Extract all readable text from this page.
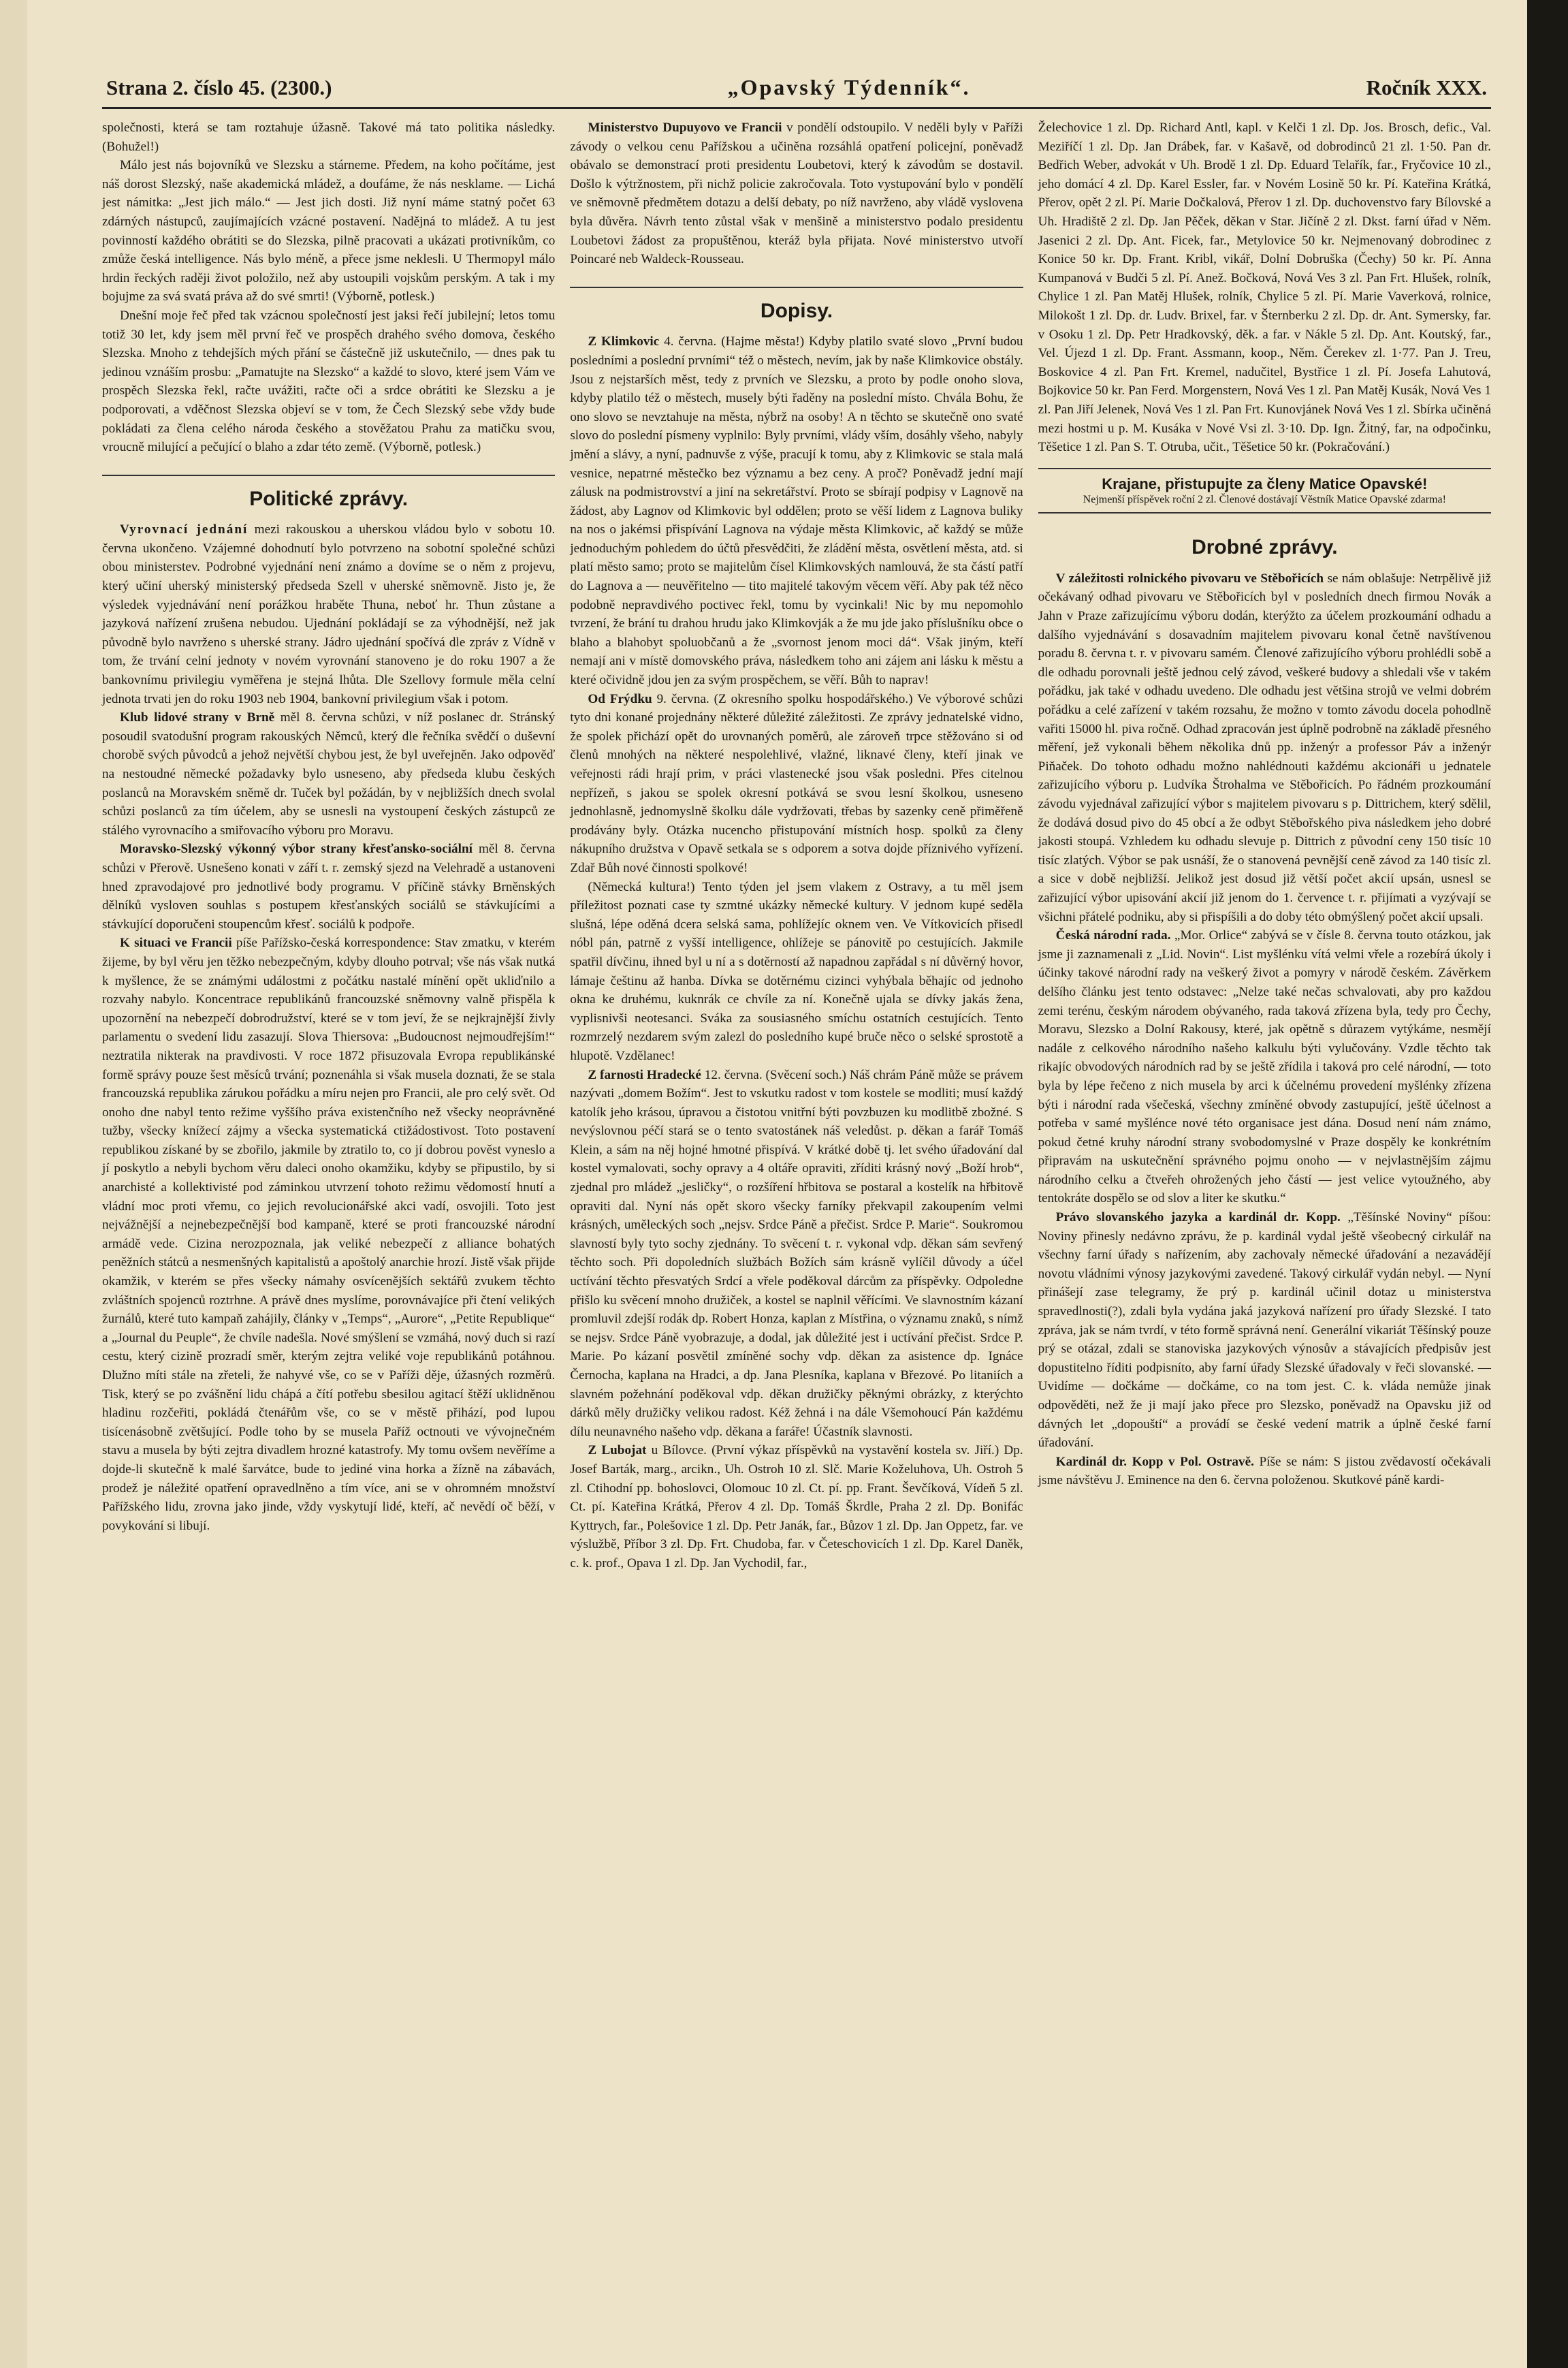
Strana 2. číslo 45. (2300.)	„Opavský Týdenník“.	Ročník XXX.

společnosti, která se tam roztahuje úžasně. Takové má tato politika následky. (Bohužel!)

Málo jest nás bojovníků ve Slezsku a stárneme. Předem, na koho počítáme, jest náš dorost Slezský, naše akademická mládež, a doufáme, že nás nesklame. — Lichá jest námitka: „Jest jich málo.“ — Jest jich dosti. Již nyní máme statný počet 63 zdárných nástupců, zaujímajících vzácné postavení. Nadějná to mládež. A tu jest povinností každého obrátiti se do Slezska, pilně pracovati a ukázati protivníkům, co zmůže česká intelligence. Nás bylo méně, a přece jsme neklesli. U Thermopyl málo hrdin řeckých raději život položilo, než aby ustoupili vojskům perským. A tak i my bojujme za svá svatá práva až do své smrti! (Výborně, potlesk.)

Dnešní moje řeč před tak vzácnou společností jest jaksi řečí jubilejní; letos tomu totiž 30 let, kdy jsem měl první řeč ve prospěch drahého svého domova, českého Slezska. Mnoho z tehdejších mých přání se částečně již uskutečnilo, — dnes pak tu jedinou vznáším prosbu: „Pamatujte na Slezsko“ a každé to slovo, které jsem Vám ve prospěch Slezska řekl, račte uvážiti, račte oči a srdce obrátiti ke Slezsku a je podporovati, a vděčnost Slezska objeví se v tom, že Čech Slezský sebe vždy bude pokládati za člena celého národa českého a stověžatou Prahu za matičku svou, vroucně milující a pečující o blaho a zdar této země. (Výborně, potlesk.)

Politické zprávy.

Vyrovnací jednání mezi rakouskou a uherskou vládou bylo v sobotu 10. června ukončeno. Vzájemné dohodnutí bylo potvrzeno na sobotní společné schůzi obou ministerstev. Podrobné vyjednání není známo a dovíme se o něm z projevu, který učiní uherský ministerský předseda Szell v uherské sněmovně. Jisto je, že výsledek vyjednávání není porážkou hraběte Thuna, neboť hr. Thun zůstane a jazyková nařízení zrušena nebudou. Ujednání pokládají se za výhodnější, než jak původně bylo navrženo s uherské strany. Jádro ujednání spočívá dle zpráv z Vídně v tom, že trvání celní jednoty v novém vyrovnání stanoveno je do roku 1907 a že bankovnímu privilegiu vyměřena je stejná lhůta. Dle Szellovy formule měla celní jednota trvati jen do roku 1903 neb 1904, bankovní privilegium však i potom.

Klub lidové strany v Brně měl 8. června schůzi, v níž poslanec dr. Stránský posoudil svatodušní program rakouských Němců, který dle řečníka svědčí o duševní chorobě svých původců a jehož největší chybou jest, že byl uveřejněn. Jako odpověď na nestoudné německé požadavky bylo usneseno, aby předseda klubu českých poslanců na Moravském sněmě dr. Tuček byl požádán, by v nejbližších dnech svolal schůzi poslanců za tím účelem, aby se usnesli na vystoupení českých zástupců ze stálého vyrovnacího a smiřovacího výboru pro Moravu.

Moravsko-Slezský výkonný výbor strany křesťansko-sociální měl 8. června schůzi v Přerově. Usnešeno konati v září t. r. zemský sjezd na Velehradě a ustanoveni hned zpravodajové pro jednotlivé body programu. V příčině stávky Brněnských dělníků vysloven souhlas s postupem křesťanských sociálů se stávkujícími a stávkující doporučeni stoupencům křesť. sociálů k podpoře.

K situaci ve Francii píše Pařížsko-česká korrespondence: Stav zmatku, v kterém žijeme, by byl věru jen těžko nebezpečným, kdyby dlouho potrval; vše nás však nutká k myšlence, že se známými událostmi z počátku nastalé mínění opět ukliďnilo a rozvahy nabylo. Koncentrace republikánů francouzské sněmovny valně přispěla k upozornění na nebezpečí dobrodružství, které se v tom jeví, že se nejkrajnější živly parlamentu o svedení lidu zasazují. Slova Thiersova: „Budoucnost nejmoudřejším!“ neztratila nikterak na pravdivosti. V roce 1872 přisuzovala Evropa republikánské formě správy pouze šest měsíců trvání; poznenáhla si však musela doznati, že se stala francouzská republika zárukou pořádku a míru nejen pro Francii, ale pro celý svět. Od onoho dne nabyl tento režime vyššího práva existenčního než všecky neoprávněné tužby, všecky knížecí zájmy a všecka systematická ctižádostivost. Toto postavení republikou získané by se zbořilo, jakmile by ztratilo to, co jí dobrou pověst vyneslo a jí poskytlo a nebyli bychom věru daleci onoho okamžiku, kdyby se připustilo, by si anarchisté a kollektivisté pod záminkou utvrzení tohoto režimu vědomostí hnutí a vládní moc proti vřemu, co jejich revolucionářské akci vadí, osvojili. Toto jest nejvážnější a nejnebezpečnější bod kampaně, které se proti francouzské národní armádě vede. Cizina nerozpoznala, jak veliké nebezpečí z alliance bohatých peněžních státců a nesmenšných kapitalistů a apoštolý anarchie hrozí. Jistě však přijde okamžik, v kterém se přes všecky námahy osvícenějších sektářů zvukem těchto zvláštních spojenců roztrhne. A právě dnes myslíme, porovnávajíce při čtení velikých žurnálů, které tuto kampaň zahájily, články v „Temps“, „Aurore“, „Petite Republique“ a „Journal du Peuple“, že chvíle nadešla. Nové smýšlení se vzmáhá, nový duch si razí cestu, který cizině prozradí směr, kterým zejtra veliké voje republikánů potáhnou. Dlužno míti stále na zřeteli, že nahyvé vše, co se v Paříži děje, úžasných rozměrů. Tisk, který se po zvášnění lidu chápá a čítí potřebu sbesilou agitací štěží uklidněnou hladinu rozčeřiti, pokládá čtenářům vše, co se v městě přihází, pod lupou tisícenásobně zvětšující. Podle toho by se musela Paříž octnouti ve vývojnečném stavu a musela by býti zejtra divadlem hrozné katastrofy. My tomu ovšem nevěříme a dojde-li skutečně k malé šarvátce, bude to jediné vina horka a žízně na zábavách, prodež je náležité opatření opravedlněno a tím více, ani se v ohromném množství Pařížského lidu, zrovna jako jinde, vždy vyskytují lidé, kteří, ač nevědí oč běží, v povykování si libují.

Ministerstvo Dupuyovo ve Francii v pondělí odstoupilo. V neděli byly v Paříži závody o velkou cenu Pařížskou a učiněna rozsáhlá opatření policejní, poněvadž obávalo se demonstrací proti presidentu Loubetovi, který k závodům se dostavil. Došlo k výtržnostem, při nichž policie zakročovala. Toto vystupování bylo v pondělí ve sněmovně předmětem dotazu a delší debaty, po níž navrženo, aby vládě vyslovena byla důvěra. Návrh tento zůstal však v menšině a ministerstvo podalo presidentu Loubetovi žádost za propuštěnou, kteráž byla přijata. Nové ministerstvo utvoří Poincaré neb Waldeck-Rousseau.

Dopisy.

Z Klimkovic 4. června. (Hajme města!) Kdyby platilo svaté slovo „První budou posledními a poslední prvními“ též o městech, nevím, jak by naše Klimkovice obstály. Jsou z nejstarších měst, tedy z prvních ve Slezsku, a proto by podle onoho slova, kdyby platilo též o městech, musely býti řaděny na poslední místo. Chvála Bohu, že ono slovo se nevztahuje na města, nýbrž na osoby! A n těchto se skutečně ono svaté slovo do poslední písmeny vyplnilo: Byly prvními, vlády vším, dosáhly všeho, nabyly jmění a slávy, a nyní, padnuvše z výše, pracují k tomu, aby z Klimkovic se stala malá vesnice, nepatrné městečko bez významu a bez ceny. A proč? Poněvadž jední mají zálusk na podmistrovství a jiní na sekretářství. Proto se sbírají podpisy v Lagnově na žádost, aby Lagnov od Klimkovic byl oddělen; proto se věší lidem z Lagnova buliky na nos o jakémsi přispívání Lagnova na výdaje města Klimkovic, ač každý se může jednoduchým pohledem do účtů přesvědčiti, že zládění města, osvětlení města, atd. si platí město samo; proto se majitelům čísel Klimkovských namlouvá, že sta částí patří do Lagnova a — neuvěřitelno — tito majitelé takovým věcem věří. Aby pak též něco podobně nepravdivého poctivec řekl, tomu by vycinkali! Nic by mu nepomohlo tvrzení, že brání tu drahou hrudu jako Klimkovják a že mu jde jako příslušníku obce o blaho a blahobyt spoluobčanů a že „svornost jenom moci dá“. Však jiným, kteří nemají ani v místě domovského práva, následkem toho ani zájem ani lásku k městu a které očividně jdou jen za svým prospěchem, se věří. Bůh to naprav!

Od Frýdku 9. června. (Z okresního spolku hospodářského.) Ve výborové schůzi tyto dni konané projednány některé důležité záležitosti. Ze zprávy jednatelské vidno, že spolek přichází opět do urovnaných poměrů, ale zároveň trpce stěžováno si od členů mnohých na některé nespolehlivé, vlažné, liknavé členy, kteří jinak ve veřejnosti rádi hrají prim, v práci vlastenecké jsou však posledni. Přes citelnou nepřízeň, s jakou se spolek okresní potkává se svou lesní školkou, usneseno jednohlasně, jednomyslně školku dále vydržovati, třebas by sazenky ceně přiměřeně prodávány byly. Otázka nucencho přistupování místních hosp. spolků za členy nákupního družstva v Opavě setkala se s odporem a sotva dojde příznivého vyřízení. Zdař Bůh nové činnosti spolkové!

(Německá kultura!) Tento týden jel jsem vlakem z Ostravy, a tu měl jsem příležitost poznati case ty szmtné ukázky německé kultury. V jednom kupé seděla slušná, lépe oděná dcera selská sama, pohlížejíc oknem ven. Ve Vítkovicích přisedl nóbl pán, patrně z vyšší intelligence, ohlížeje se pánovitě po cestujících. Jakmile spatřil dívčinu, ihned byl u ní a s dotěrností až napadnou zapřádal s ní důvěrný hovor, lámaje češtinu až hanba. Dívka se dotěrnému cizinci vyhýbala běhajíc od jednoho okna ke druhému, kuknrák ce chvíle za ní. Konečně ujala se dívky jakás žena, vyplisnivši neotesanci. Sváka za sousiasného smíchu ostatních cestujících. Tento rozmrzelý nezdarem svým zalezl do posledního kupé bruče něco o selské sprostotě a hlupotě. Vzdělanec!

Z farnosti Hradecké 12. června. (Svěcení soch.) Náš chrám Páně může se právem nazývati „domem Božím“. Jest to vskutku radost v tom kostele se modliti; musí každý katolík jeho krásou, úpravou a čistotou vnitřní býti povzbuzen ku modlitbě zbožné. S nevýslovnou péčí stará se o tento svatostánek náš veledůst. p. děkan a farář Tomáš Klein, a sám na něj hojné hmotné přispívá. V krátké době tj. let svého úřadování dal kostel vymalovati, sochy opravy a 4 oltáře opraviti, zříditi krásný nový „Boží hrob“, zjednal pro mládež „jesličky“, o rozšíření hřbitova se postaral a kostelík na hřbitově opraviti dal. Nyní nás opět skoro všecky farníky překvapil zakoupením velmi krásných, uměleckých soch „nejsv. Srdce Páně a přečist. Srdce P. Marie“. Soukromou slavností byly tyto sochy zjednány. To svěcení t. r. vykonal vdp. děkan sám sevřený těchto soch. Při dopoledních službách Božích sám krásně vylíčil důvody a účel uctívání těchto přesvatých Srdcí a vřele poděkoval dárcům za příspěvky. Odpoledne přišlo ku svěcení mnoho družiček, a kostel se naplnil věřícími. Ve slavnostním kázaní promluvil zdejší rodák dp. Robert Honza, kaplan z Místřina, o významu znaků, s nímž se nejsv. Srdce Páně vyobrazuje, a dodal, jak důležité jest i uctívání přečist. Srdce P. Marie. Po kázaní posvětil zmíněné sochy vdp. děkan za asistence dp. Ignáce Černocha, kaplana na Hradci, a dp. Jana Plesníka, kaplana v Březové. Po litaniích a slavném požehnání poděkoval vdp. děkan družičky pěknými obrázky, z kterýchto dárků měly družičky velikou radost. Kéž žehná i na dále Všemohoucí Pán každému dílu neunavného našeho vdp. děkana a faráře! Účastník slavnosti.

Z Lubojat u Bílovce. (První výkaz příspěvků na vystavění kostela sv. Jiří.) Dp. Josef Barták, marg., arcikn., Uh. Ostroh 10 zl. Slč. Marie Koželuhova, Uh. Ostroh 5 zl. Ctihodní pp. bohoslovci, Olomouc 10 zl. Ct. pí. pp. Frant. Ševčíková, Vídeň 5 zl. Ct. pí. Kateřina Krátká, Přerov 4 zl. Dp. Tomáš Škrdle, Praha 2 zl. Dp. Bonifác Kyttrych, far., Polešovice 1 zl. Dp. Petr Janák, far., Bůzov 1 zl. Dp. Jan Oppetz, far. ve výslužbě, Příbor 3 zl. Dp. Frt. Chudoba, far. v Četeschovicích 1 zl. Dp. Karel Daněk, c. k. prof., Opava 1 zl. Dp. Jan Vychodil, far.,

Želechovice 1 zl. Dp. Richard Antl, kapl. v Kelči 1 zl. Dp. Jos. Brosch, defic., Val. Meziříčí 1 zl. Dp. Jan Drábek, far. v Kašavě, od dobrodinců 21 zl. 1·50. Pan dr. Bedřich Weber, advokát v Uh. Brodě 1 zl. Dp. Eduard Telařík, far., Fryčovice 10 zl., jeho domácí 4 zl. Dp. Karel Essler, far. v Novém Losině 50 kr. Pí. Kateřina Krátká, Přerov, opět 2 zl. Pí. Marie Dočkalová, Přerov 1 zl. Dp. duchovenstvo fary Bílovské a Uh. Hradiště 2 zl. Dp. Jan Pěček, děkan v Star. Jičíně 2 zl. Dkst. farní úřad v Něm. Jasenici 2 zl. Dp. Ant. Ficek, far., Metylovice 50 kr. Nejmenovaný dobrodinec z Konice 50 kr. Dp. Frant. Kribl, vikář, Dolní Dobruška (Čechy) 50 kr. Pí. Anna Kumpanová v Budči 5 zl. Pí. Anež. Bočková, Nová Ves 3 zl. Pan Frt. Hlušek, rolník, Chylice 1 zl. Pan Matěj Hlušek, rolník, Chylice 5 zl. Pí. Marie Vaverková, rolnice, Milokošt 1 zl. Dp. dr. Ludv. Brixel, far. v Šternberku 2 zl. Dp. dr. Ant. Symersky, far. v Osoku 1 zl. Dp. Petr Hradkovský, děk. a far. v Nákle 5 zl. Dp. Ant. Koutský, far., Vel. Újezd 1 zl. Dp. Frant. Assmann, koop., Něm. Čerekev zl. 1·77. Pan J. Treu, Boskovice 4 zl. Pan Frt. Kremel, nadučitel, Bystřice 1 zl. Pí. Josefa Lahutová, Bojkovice 50 kr. Pan Ferd. Morgenstern, Nová Ves 1 zl. Pan Matěj Kusák, Nová Ves 1 zl. Pan Jiří Jelenek, Nová Ves 1 zl. Pan Frt. Kunovjánek Nová Ves 1 zl. Sbírka učiněná mezi hostmi u p. M. Kusáka v Nové Vsi zl. 3·10. Dp. Ign. Žitný, far, na odpočinku, Těšetice 1 zl. Pan S. T. Otruba, učit., Těšetice 50 kr. (Pokračování.)

Krajane, přistupujte za členy Matice Opavské!
Nejmenší příspěvek roční 2 zl. Členové dostávají Věstník Matice Opavské zdarma!
Drobné zprávy.

V záležitosti rolnického pivovaru ve Stěbořicích se nám oblašuje: Netrpělivě již očekávaný odhad pivovaru ve Stěbořicích byl v posledních dnech firmou Novák a Jahn v Praze zařizujícímu výboru dodán, kterýžto za účelem prozkoumání odhadu a dalšího vyjednávání s dosavadním majitelem pivovaru konal četně navštívenou poradu 8. června t. r. v pivovaru samém. Členové zařizujícího výboru prohlédli sobě a dle odhadu porovnali ještě jednou celý závod, veškeré budovy a shledali vše v takém pořádku, jak také v odhadu uvedeno. Dle odhadu jest většina strojů ve velmi dobrém pořádku a celé zařízení v takém rozsahu, že možno v tomto závodu docela pohodlně vařiti 15000 hl. piva ročně. Odhad zpracován jest úplně podrobně na základě přesného měření, jež vykonali během několika dnů pp. inženýr a professor Páv a inženýr Piňaček. Do tohoto odhadu možno nahlédnouti každému akcionáři u jednatele zařizujícího výboru p. Ludvíka Štrohalma ve Stěbořicích. Po řádném prozkoumání závodu vyjednával zařizující výbor s majitelem pivovaru s p. Dittrichem, který sdělil, že dodává dosud pivo do 45 obcí a že odbyt Stěbořského piva následkem jeho dobré jakosti stoupá. Vzhledem ku odhadu slevuje p. Dittrich z původní ceny 150 tisíc 10 tisíc zlatých. Výbor se pak usnáší, že o stanovená pevnější ceně závod za 140 tisíc zl. a sice v době nejbližší. Jelikož jest dosud již větší počet akcií upsán, usnesl se zařizující výbor upisování akcií již jenom do 1. července t. r. přijímati a vyzývají se všichni přátelé podniku, aby si přispíšili a do doby této obmýšlený počet akcií upsali.

Česká národní rada. „Mor. Orlice“ zabývá se v čísle 8. června touto otázkou, jak jsme ji zaznamenali z „Lid. Novin“. List myšlénku vítá velmi vřele a rozebírá úkoly i účinky takové národní rady na veškerý život a pomyry v národě českém. Závěrkem delšího článku jest tento odstavec: „Nelze také nečas schvalovati, aby pro každou zemi terénu, českým národem obývaného, rada taková zřízena byla, tedy pro Čechy, Moravu, Slezsko a Dolní Rakousy, které, jak opětně s důrazem vytýkáme, nesmějí nadále z celkového národního našeho kalkulu býti vylučovány. Vzdle těchto tak rikajíc obvodových národních rad by se ještě zřídila i taková pro celé národní, — toto byla by lépe řečeno z nich musela by arci k účelnému provedení myšlénky zřízena býti i národní rada všečeská, všechny zmíněné obvody zastupující, ještě účelnost a potřeba v samé myšlénce nové této organisace jest dána. Dosud není nám známo, pokud četné kruhy národní strany svobodomyslné v Praze dospěly ke konkrétním připravám na uskutečnění správného pojmu onoho — v nejvlastnějším zájmu národního celku a čtveřeh ohrožených jeho částí — jest velice vytoužného, aby tentokráte dospělo se od slov a liter ke skutku.“

Právo slovanského jazyka a kardinál dr. Kopp. „Těšínské Noviny“ píšou: Noviny přinesly nedávno zprávu, že p. kardinál vydal ještě všeobecný cirkulář na všechny farní úřady s nařízením, aby zachovaly německé úřadování a nezavádějí novotu vládními výnosy jazykovými zavedené. Takový cirkulář vydán nebyl. — Nyní přinášejí zase telegramy, že prý p. kardinál učinil dotaz u ministerstva spravedlnosti(?), zdali byla vydána jaká jazyková nařízení pro úřady Slezské. I tato zpráva, jak se nám tvrdí, v této formě správná není. Generální vikariát Těšínský pouze prý se otázal, zdali se stanoviska jazykových výnosův a stávajících předpisův jest dopustitelno říditi podpisníto, aby farní úřady Slezské úřadovaly v řeči slovanské. — Uvidíme — dočkáme — dočkáme, co na tom jest. C. k. vláda nemůže jinak odpověděti, než že ji mají jako přece pro Slezsko, poněvadž na Opavsku již od dávných let „dopouští“ a provádí se české vedení matrik a úplně české farní úřadování.

Kardinál dr. Kopp v Pol. Ostravě. Píše se nám: S jistou zvědavostí očekávali jsme návštěvu J. Eminence na den 6. června položenou. Skutkové páně kardi-
